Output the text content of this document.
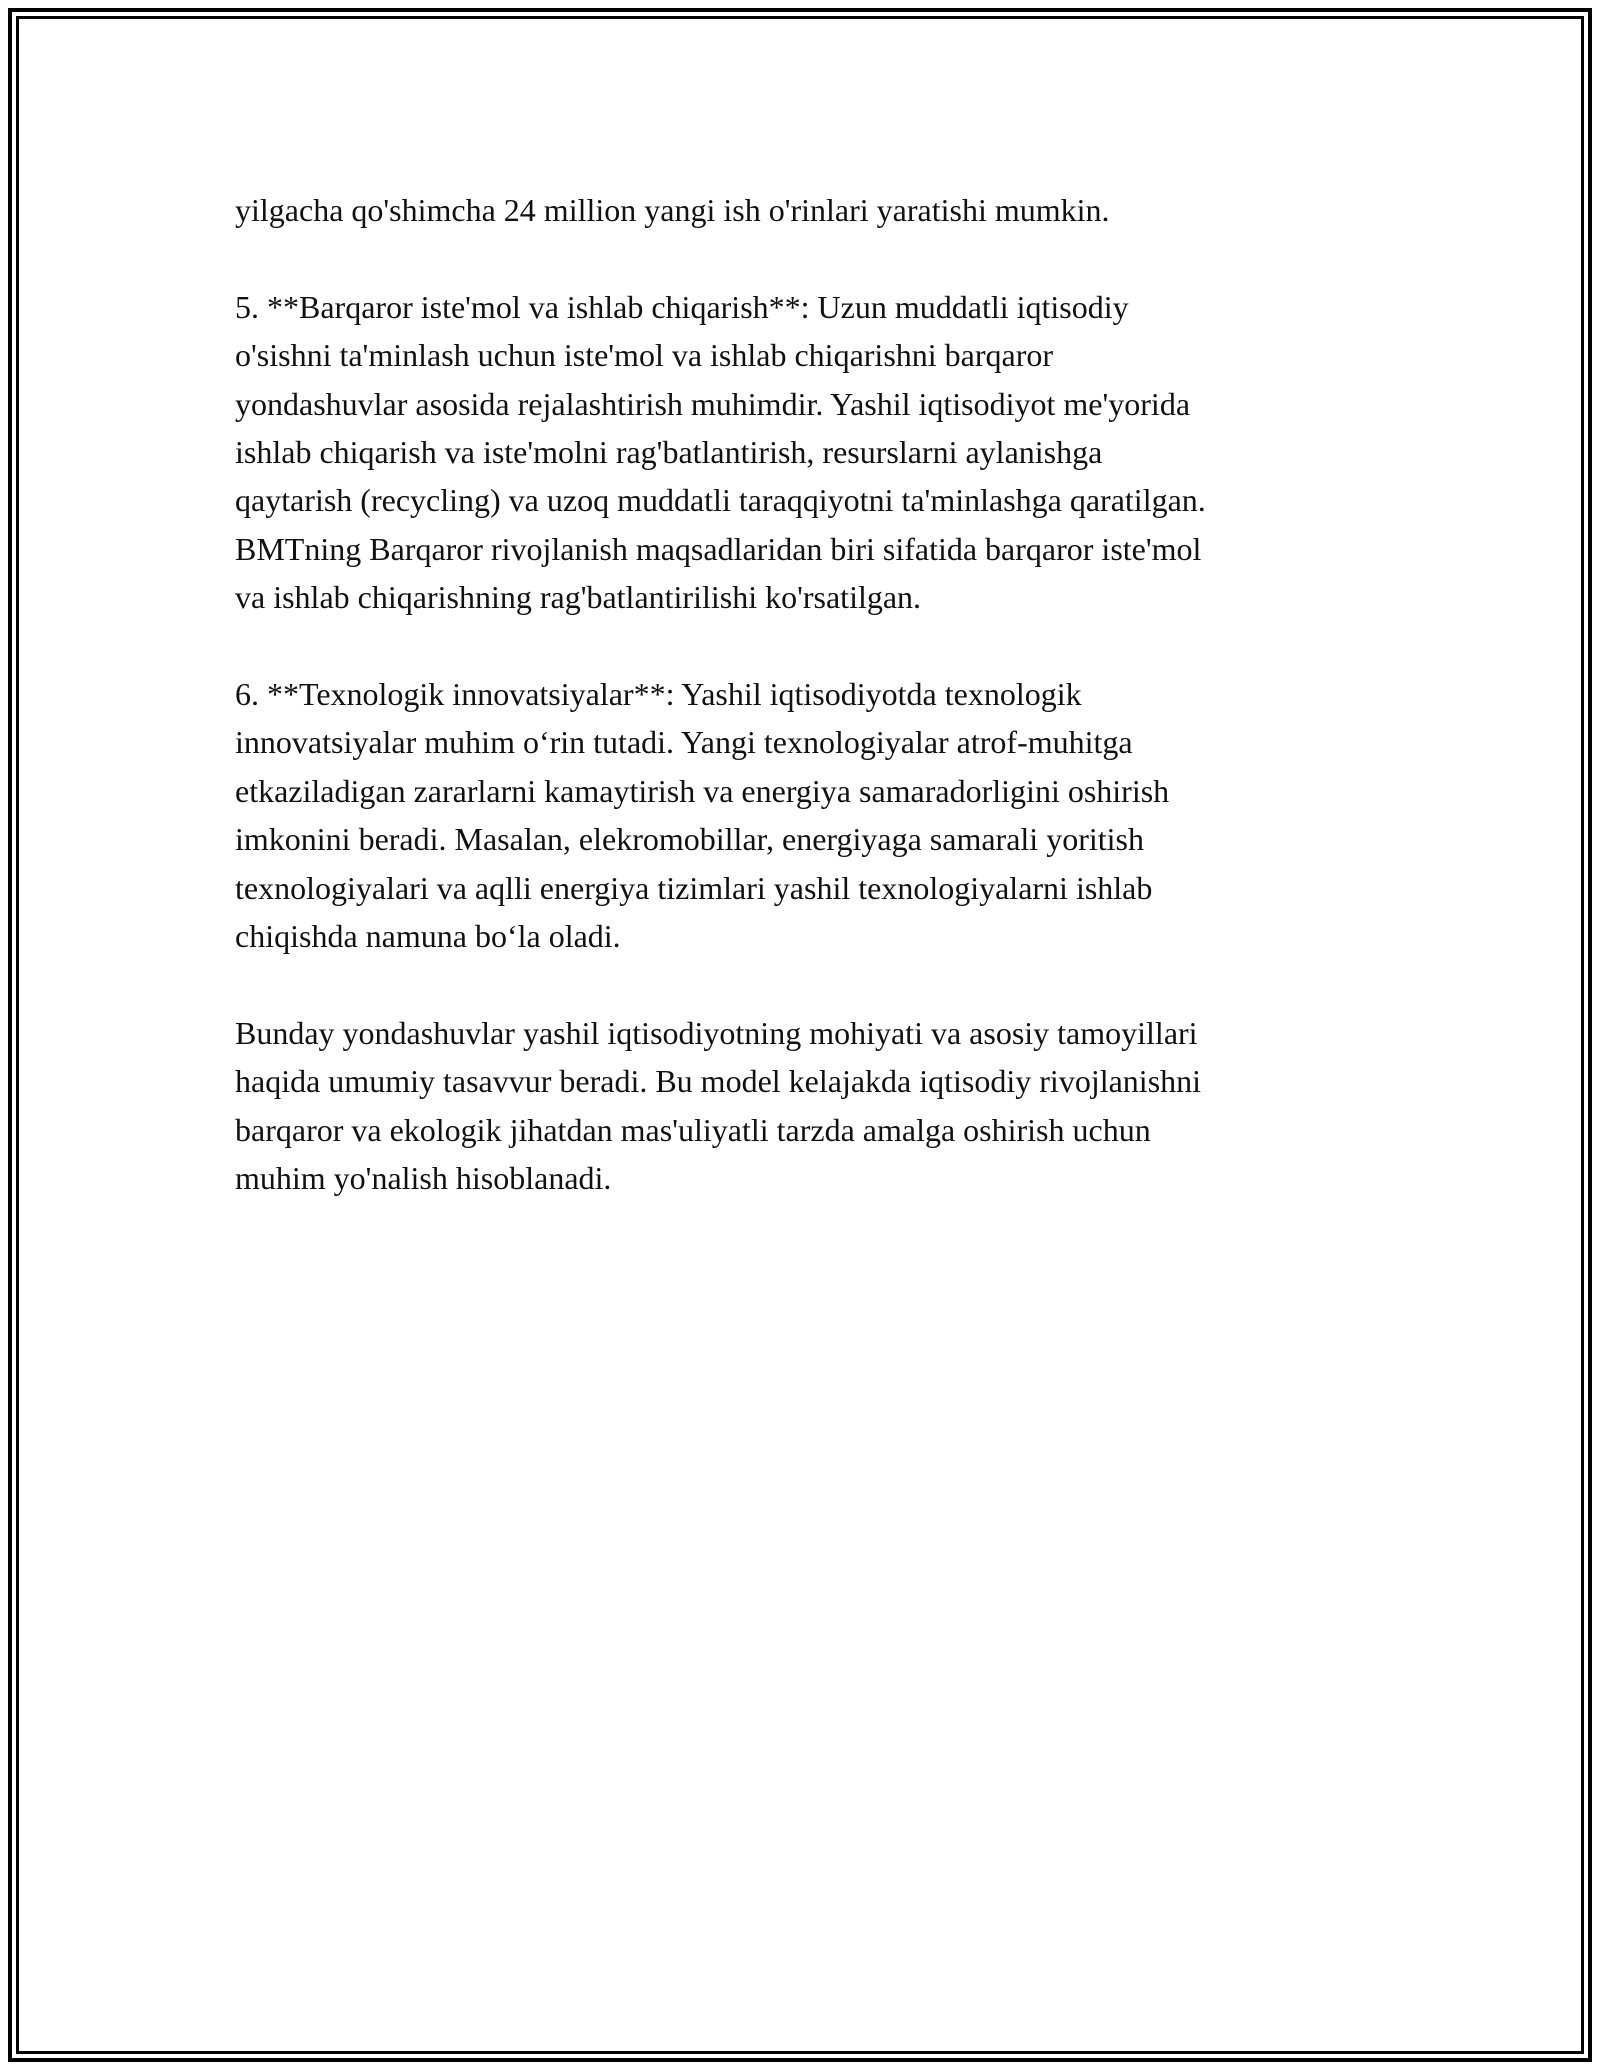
yilgacha qo'shimcha 24 million yangi ish o'rinlari yaratishi mumkin.

5. **Barqaror iste'mol va ishlab chiqarish**: Uzun muddatli iqtisodiy
o'sishni ta'minlash uchun iste'mol va ishlab chiqarishni barqaror
yondashuvlar asosida rejalashtirish muhimdir. Yashil iqtisodiyot me'yorida
ishlab chiqarish va iste'molni rag'batlantirish, resurslarni aylanishga
qaytarish (recycling) va uzoq muddatli taraqqiyotni ta'minlashga qaratilgan.
BMTning Barqaror rivojlanish maqsadlaridan biri sifatida barqaror iste'mol
va ishlab chiqarishning rag'batlantirilishi ko'rsatilgan.

6. **Texnologik innovatsiyalar**: Yashil iqtisodiyotda texnologik
innovatsiyalar muhim o‘rin tutadi. Yangi texnologiyalar atrof-muhitga
etkaziladigan zararlarni kamaytirish va energiya samaradorligini oshirish
imkonini beradi. Masalan, elekromobillar, energiyaga samarali yoritish
texnologiyalari va aqlli energiya tizimlari yashil texnologiyalarni ishlab
chiqishda namuna bo‘la oladi.

Bunday yondashuvlar yashil iqtisodiyotning mohiyati va asosiy tamoyillari
haqida umumiy tasavvur beradi. Bu model kelajakda iqtisodiy rivojlanishni
barqaror va ekologik jihatdan mas'uliyatli tarzda amalga oshirish uchun
muhim yo'nalish hisoblanadi.
